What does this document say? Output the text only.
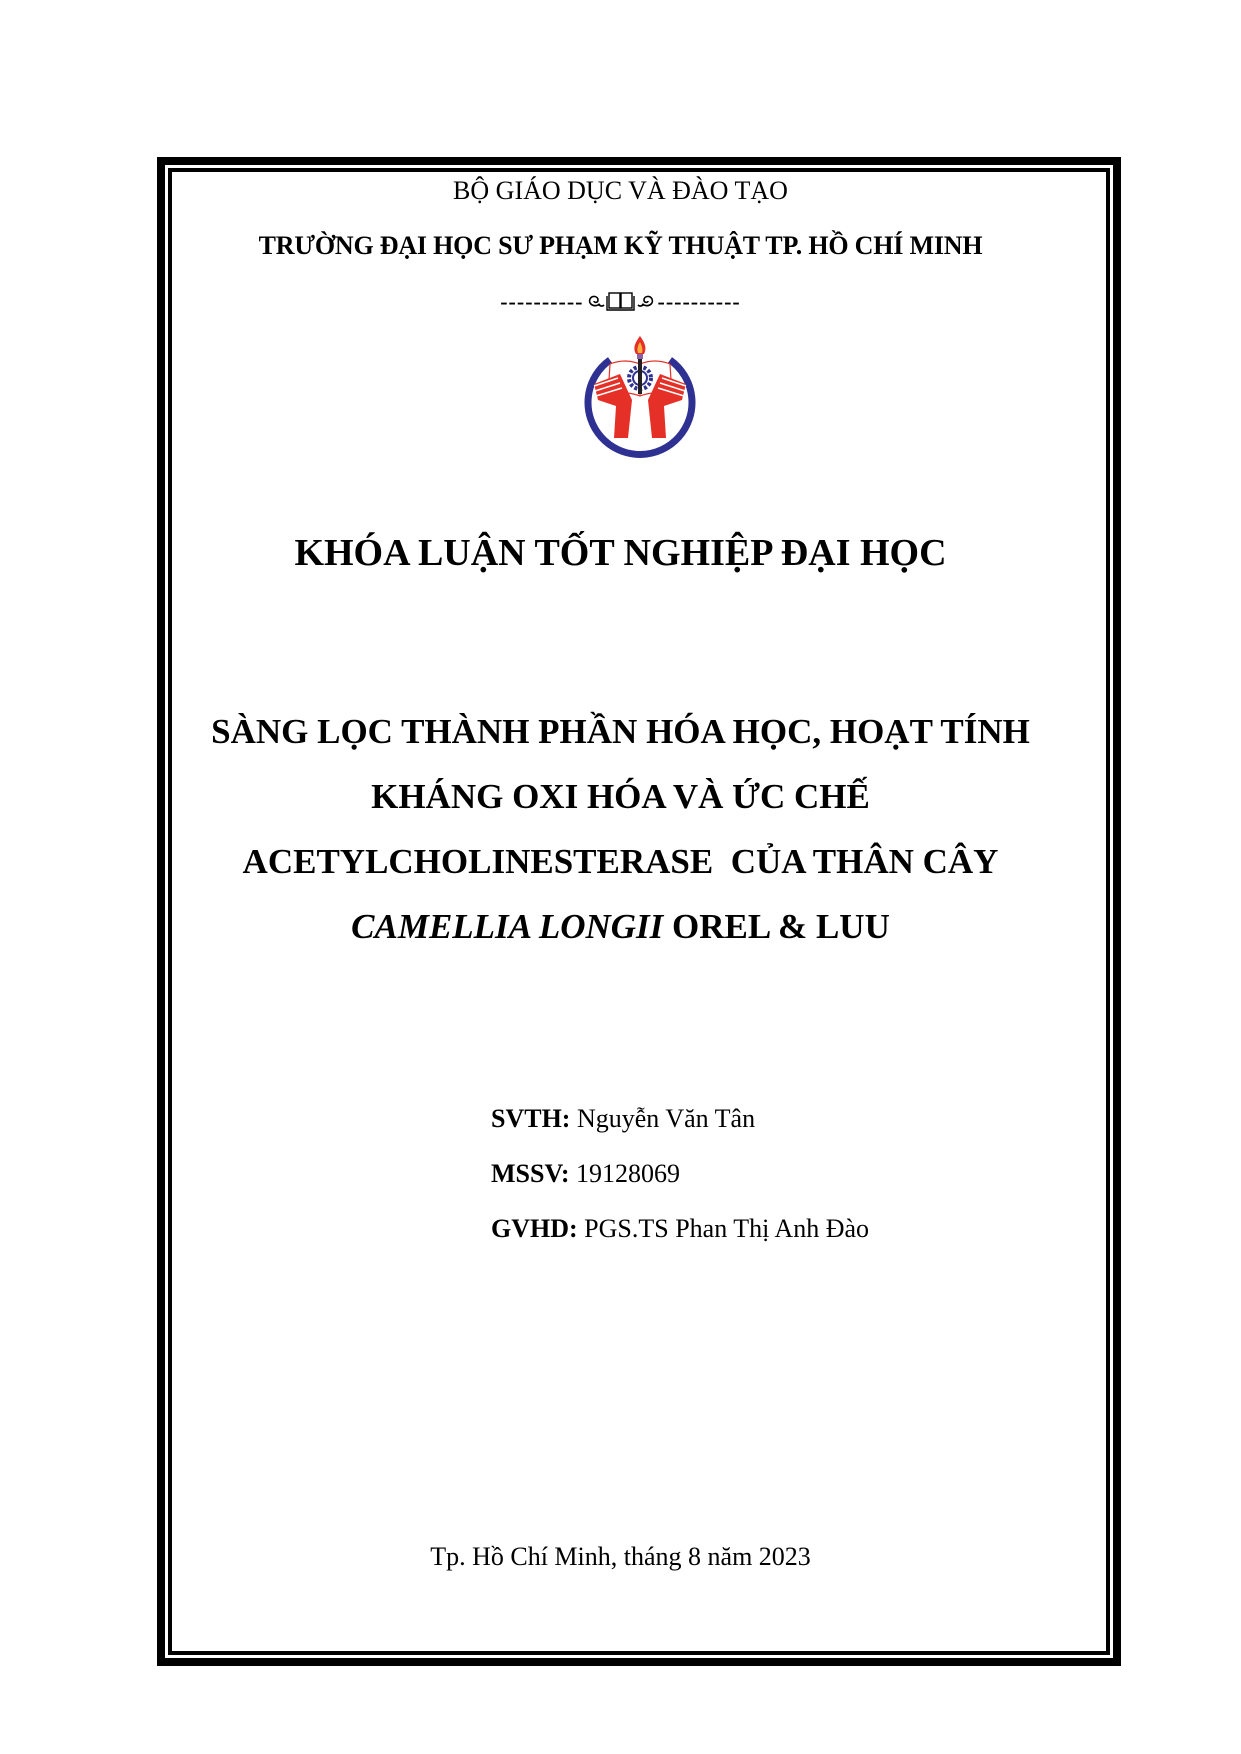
BỘ GIÁO DỤC VÀ ĐÀO TẠO
TRƯỜNG ĐẠI HỌC SƯ PHẠM KỸ THUẬT TP. HỒ CHÍ MINH
----------	----------
KHÓA LUẬN TỐT NGHIỆP ĐẠI HỌC
SÀNG LỌC THÀNH PHẦN HÓA HỌC, HOẠT TÍNH
KHÁNG OXI HÓA VÀ ỨC CHẾ
ACETYLCHOLINESTERASE  CỦA THÂN CÂY
CAMELLIA LONGII OREL & LUU
SVTH: Nguyễn Văn Tân
MSSV: 19128069
GVHD: PGS.TS Phan Thị Anh Đào
Tp. Hồ Chí Minh, tháng 8 năm 2023
